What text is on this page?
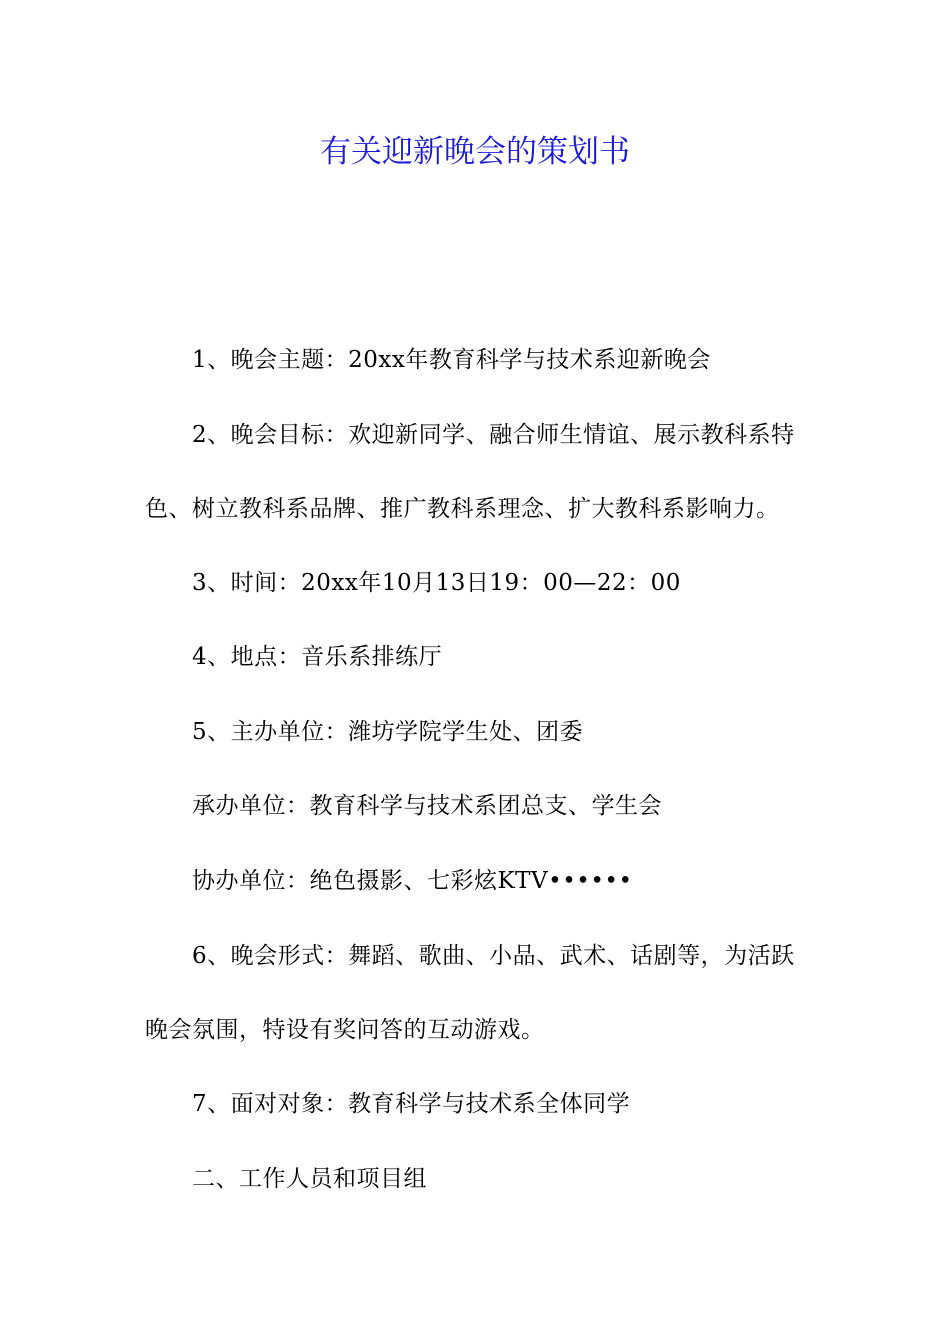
有关迎新晚会的策划书

1、晚会主题：20xx年教育科学与技术系迎新晚会

2、晚会目标：欢迎新同学、融合师生情谊、展示教科系特

色、树立教科系品牌、推广教科系理念、扩大教科系影响力。

3、时间：20xx年10月13日19：00—22：00

4、地点：音乐系排练厅

5、主办单位：潍坊学院学生处、团委

承办单位：教育科学与技术系团总支、学生会

协办单位：绝色摄影、七彩炫KTV••••••

6、晚会形式：舞蹈、歌曲、小品、武术、话剧等，为活跃

晚会氛围，特设有奖问答的互动游戏。

7、面对对象：教育科学与技术系全体同学

二、工作人员和项目组
